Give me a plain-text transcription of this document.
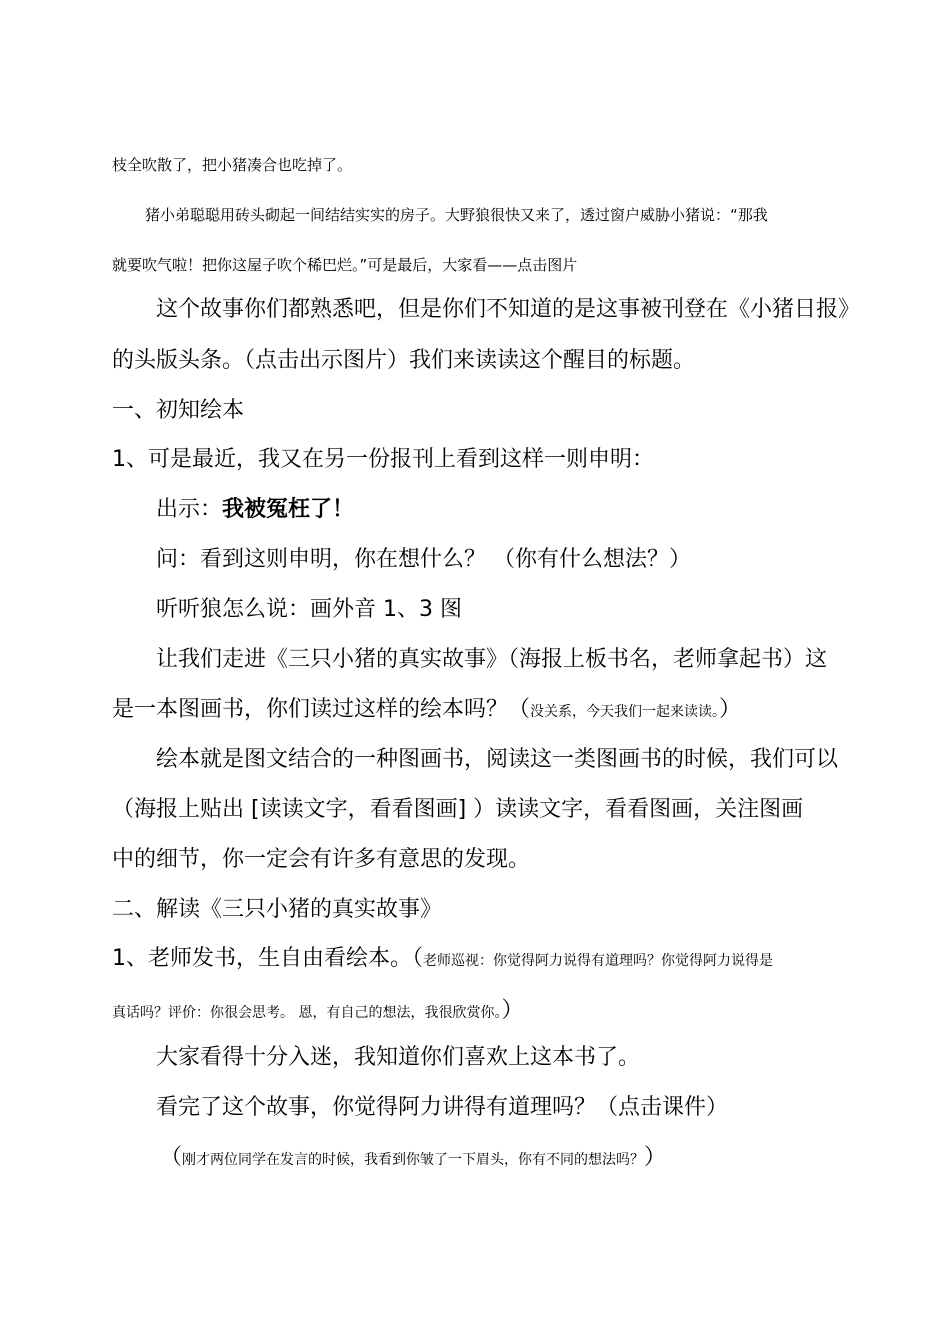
枝全吹散了，把小猪凑合也吃掉了。
猪小弟聪聪用砖头砌起一间结结实实的房子。大野狼很快又来了，透过窗户威胁小猪说：“那我
就要吹气啦！把你这屋子吹个稀巴烂。”可是最后，大家看——点击图片
这个故事你们都熟悉吧，但是你们不知道的是这事被刊登在《小猪日报》
的头版头条。（点击出示图片）我们来读读这个醒目的标题。
一、初知绘本
1、可是最近，我又在另一份报刊上看到这样一则申明：
出示：我被冤枉了！
问：看到这则申明，你在想什么？ （你有什么想法？）
听听狼怎么说：画外音 1、3 图
让我们走进《三只小猪的真实故事》（海报上板书名，老师拿起书）这
是一本图画书，你们读过这样的绘本吗？（没关系，今天我们一起来读读。）
绘本就是图文结合的一种图画书，阅读这一类图画书的时候，我们可以
（海报上贴出 [读读文字，看看图画] ）读读文字，看看图画，关注图画
中的细节，你一定会有许多有意思的发现。
二、解读《三只小猪的真实故事》
1、老师发书，生自由看绘本。（老师巡视：你觉得阿力说得有道理吗？你觉得阿力说得是
真话吗？评价：你很会思考。 恩，有自己的想法，我很欣赏你。）
大家看得十分入迷，我知道你们喜欢上这本书了。
看完了这个故事，你觉得阿力讲得有道理吗？（点击课件）
（刚才两位同学在发言的时候，我看到你皱了一下眉头，你有不同的想法吗？）
